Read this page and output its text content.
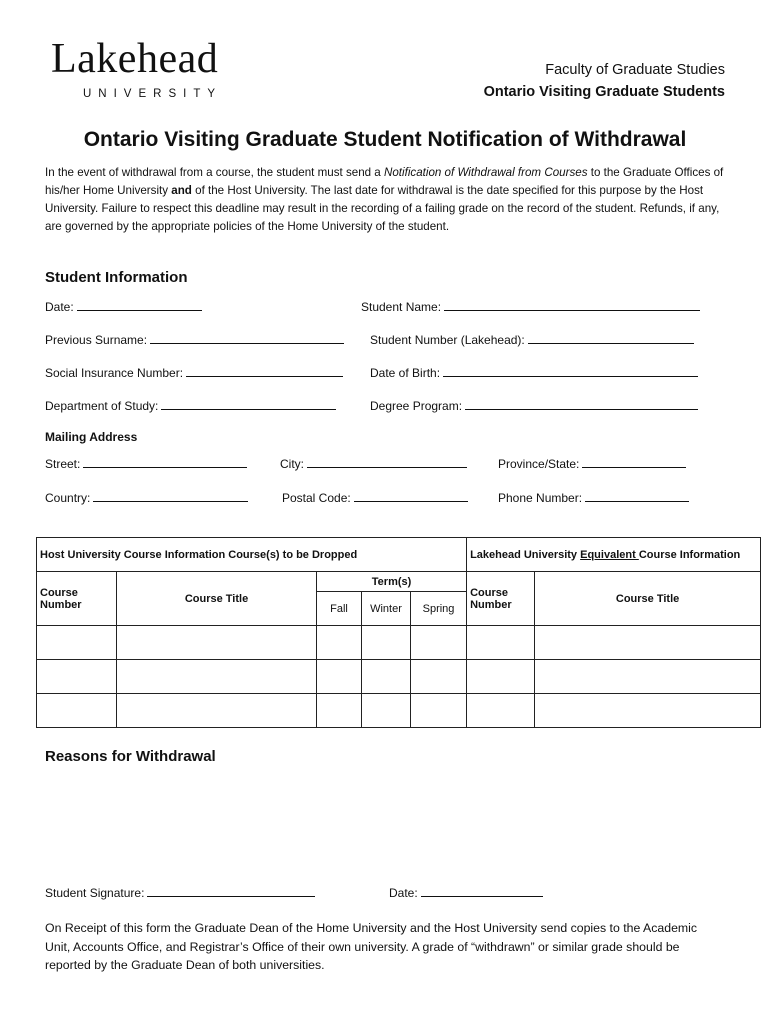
Lakehead
UNIVERSITY
Faculty of Graduate Studies
Ontario Visiting Graduate Students
Ontario Visiting Graduate Student Notification of Withdrawal
In the event of withdrawal from a course, the student must send a Notification of Withdrawal from Courses to the Graduate Offices of his/her Home University and of the Host University. The last date for withdrawal is the date specified for this purpose by the Host University. Failure to respect this deadline may result in the recording of a failing grade on the record of the student. Refunds, if any, are governed by the appropriate policies of the Home University of the student.
Student Information
Date:	Student Name:
Previous Surname:	Student Number (Lakehead):
Social Insurance Number:	Date of Birth:
Department of Study:	Degree Program:
Mailing Address
Street:	City:	Province/State:
Country:	Postal Code:	Phone Number:
Host University Course Information Course(s) to be Dropped					Lakehead University Equivalent Course Information	
Course Number	Course Title	Term(s)			Course Number	Course Title
		Fall	Winter	Spring		

Reasons for Withdrawal
Student Signature:	Date:
On Receipt of this form the Graduate Dean of the Home University and the Host University send copies to the Academic Unit, Accounts Office, and Registrar’s Office of their own university. A grade of “withdrawn” or similar grade should be reported by the Graduate Dean of both universities.
